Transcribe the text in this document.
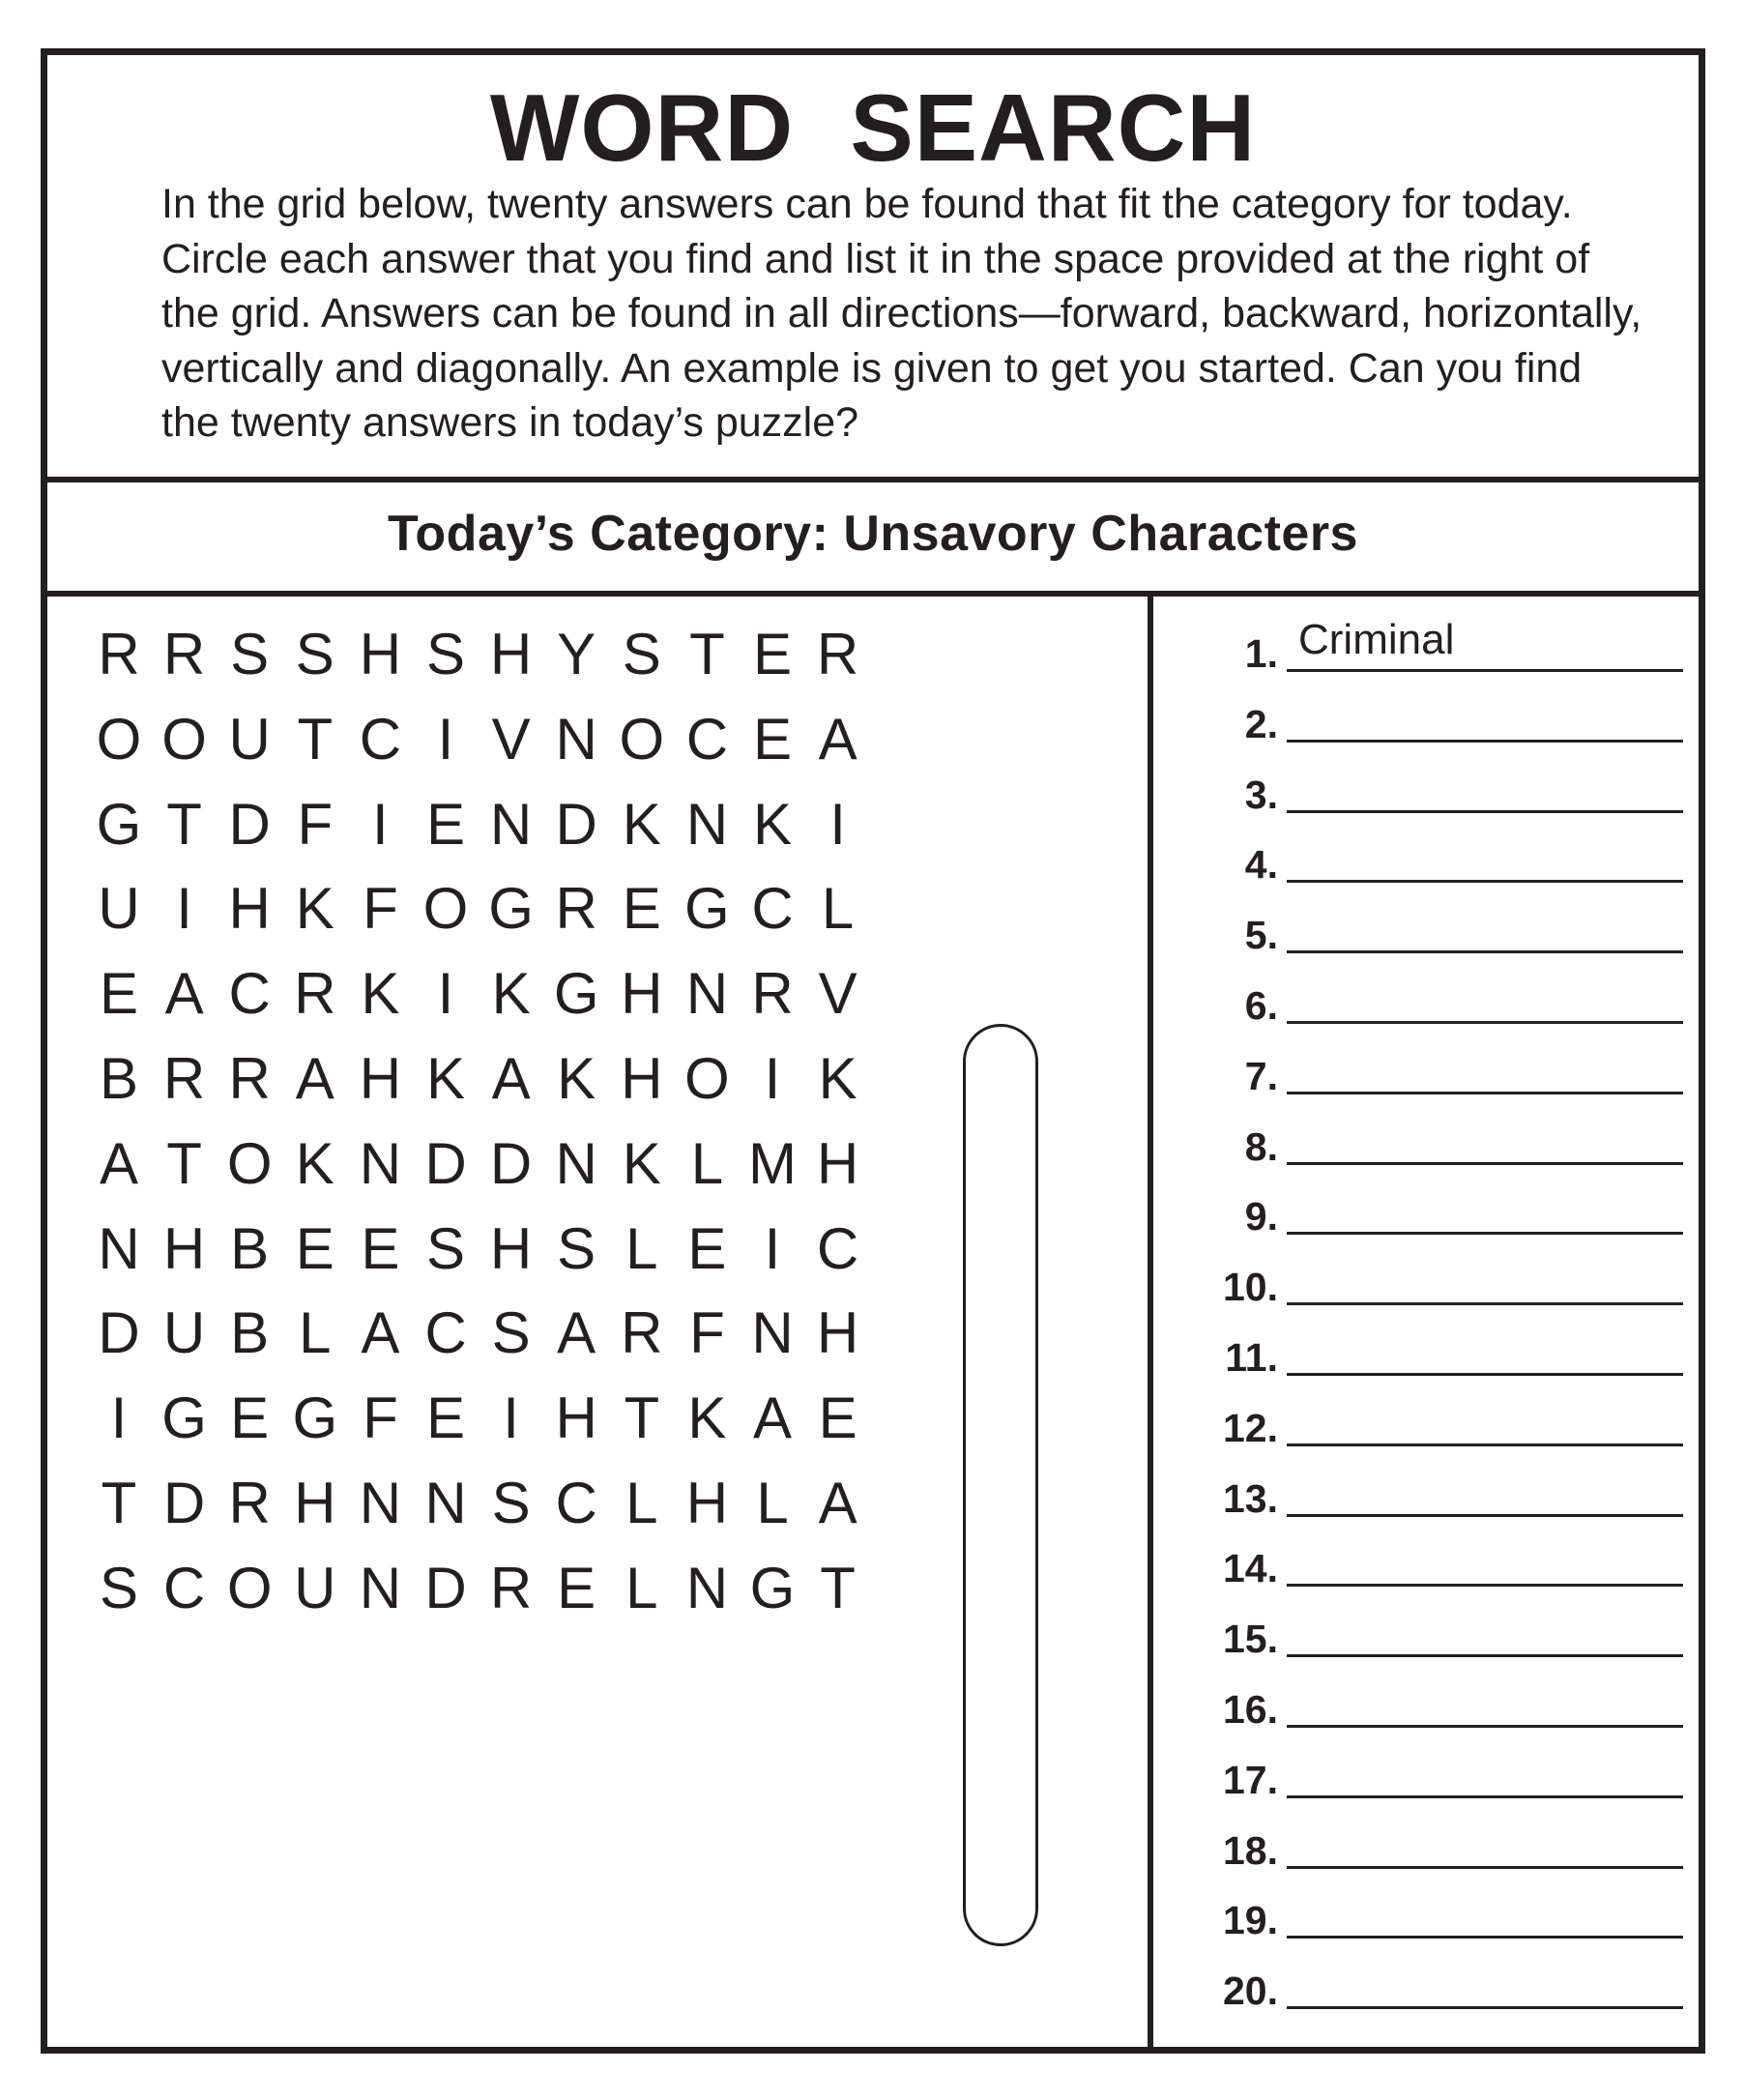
WORD SEARCH

In the grid below, twenty answers can be found that fit the category for today. Circle each answer that you find and list it in the space provided at the right of the grid. Answers can be found in all directions—forward, backward, horizontally, vertically and diagonally. An example is given to get you started. Can you find the twenty answers in today’s puzzle?

Today’s Category: Unsavory Characters
R R S S H S H Y S T E R
O O U T C I V N O C E A
G T D F I E N D K N K I
U I H K F O G R E G C L
E A C R K I K G H N R V
B R R A H K A K H O I K
A T O K N D D N K L M H
N H B E E S H S L E I C
D U B L A C S A R F N H
I G E G F E I H T K A E
T D R H N N S C L H L A
S C O U N D R E L N G T
1. Criminal
2.
3.
4.
5.
6.
7.
8.
9.
10.
11.
12.
13.
14.
15.
16.
17.
18.
19.
20.
